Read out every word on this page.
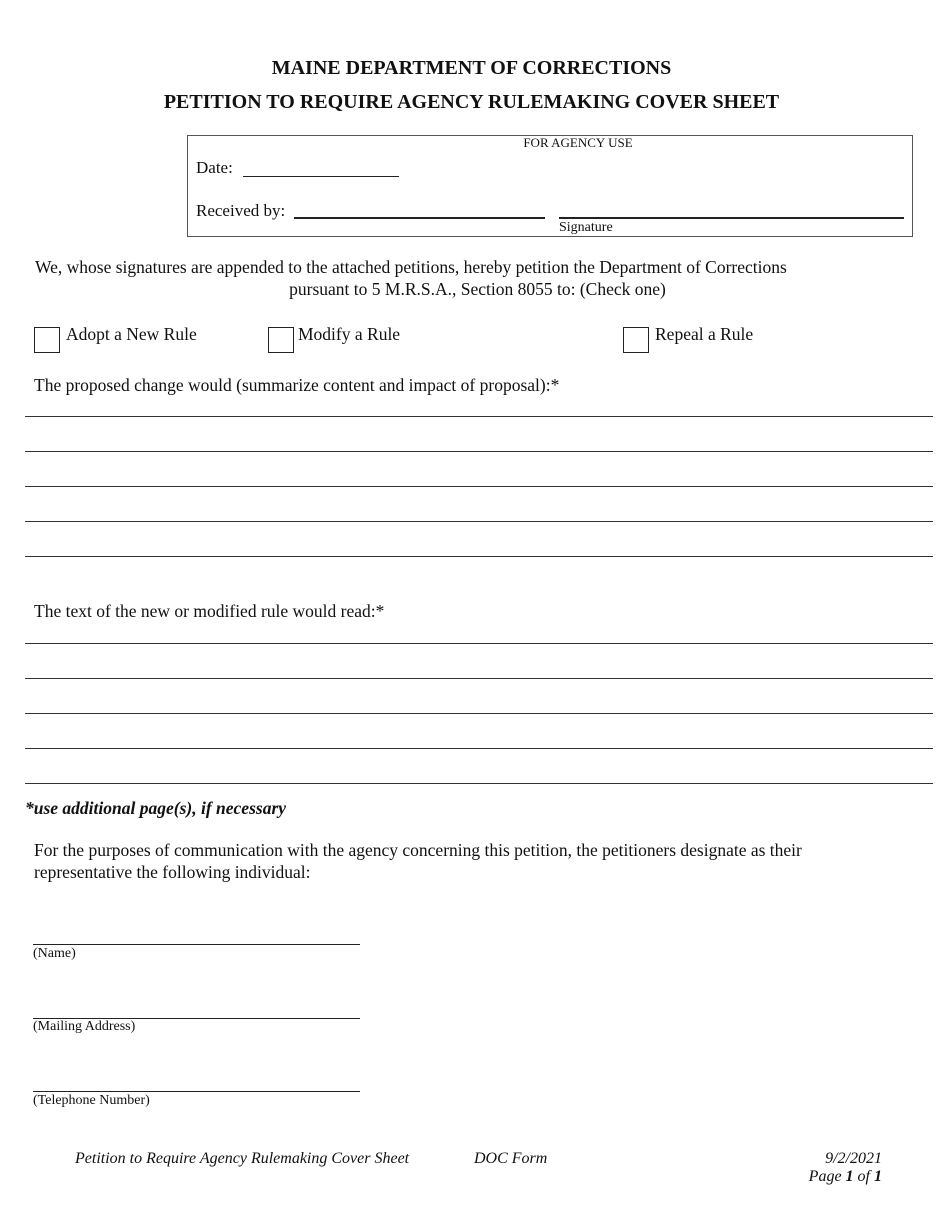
MAINE DEPARTMENT OF CORRECTIONS
PETITION TO REQUIRE AGENCY RULEMAKING COVER SHEET
FOR AGENCY USE
Date:
Received by:
Signature
We, whose signatures are appended to the attached petitions, hereby petition the Department of Corrections
pursuant to 5 M.R.S.A., Section 8055 to: (Check one)
Adopt a New Rule	Modify a Rule	Repeal a Rule
The proposed change would (summarize content and impact of proposal):*
The text of the new or modified rule would read:*
*use additional page(s), if necessary
For the purposes of communication with the agency concerning this petition, the petitioners designate as their
representative the following individual:
(Name)
(Mailing Address)
(Telephone Number)
Petition to Require Agency Rulemaking Cover Sheet	DOC Form	9/2/2021
Page 1 of 1
